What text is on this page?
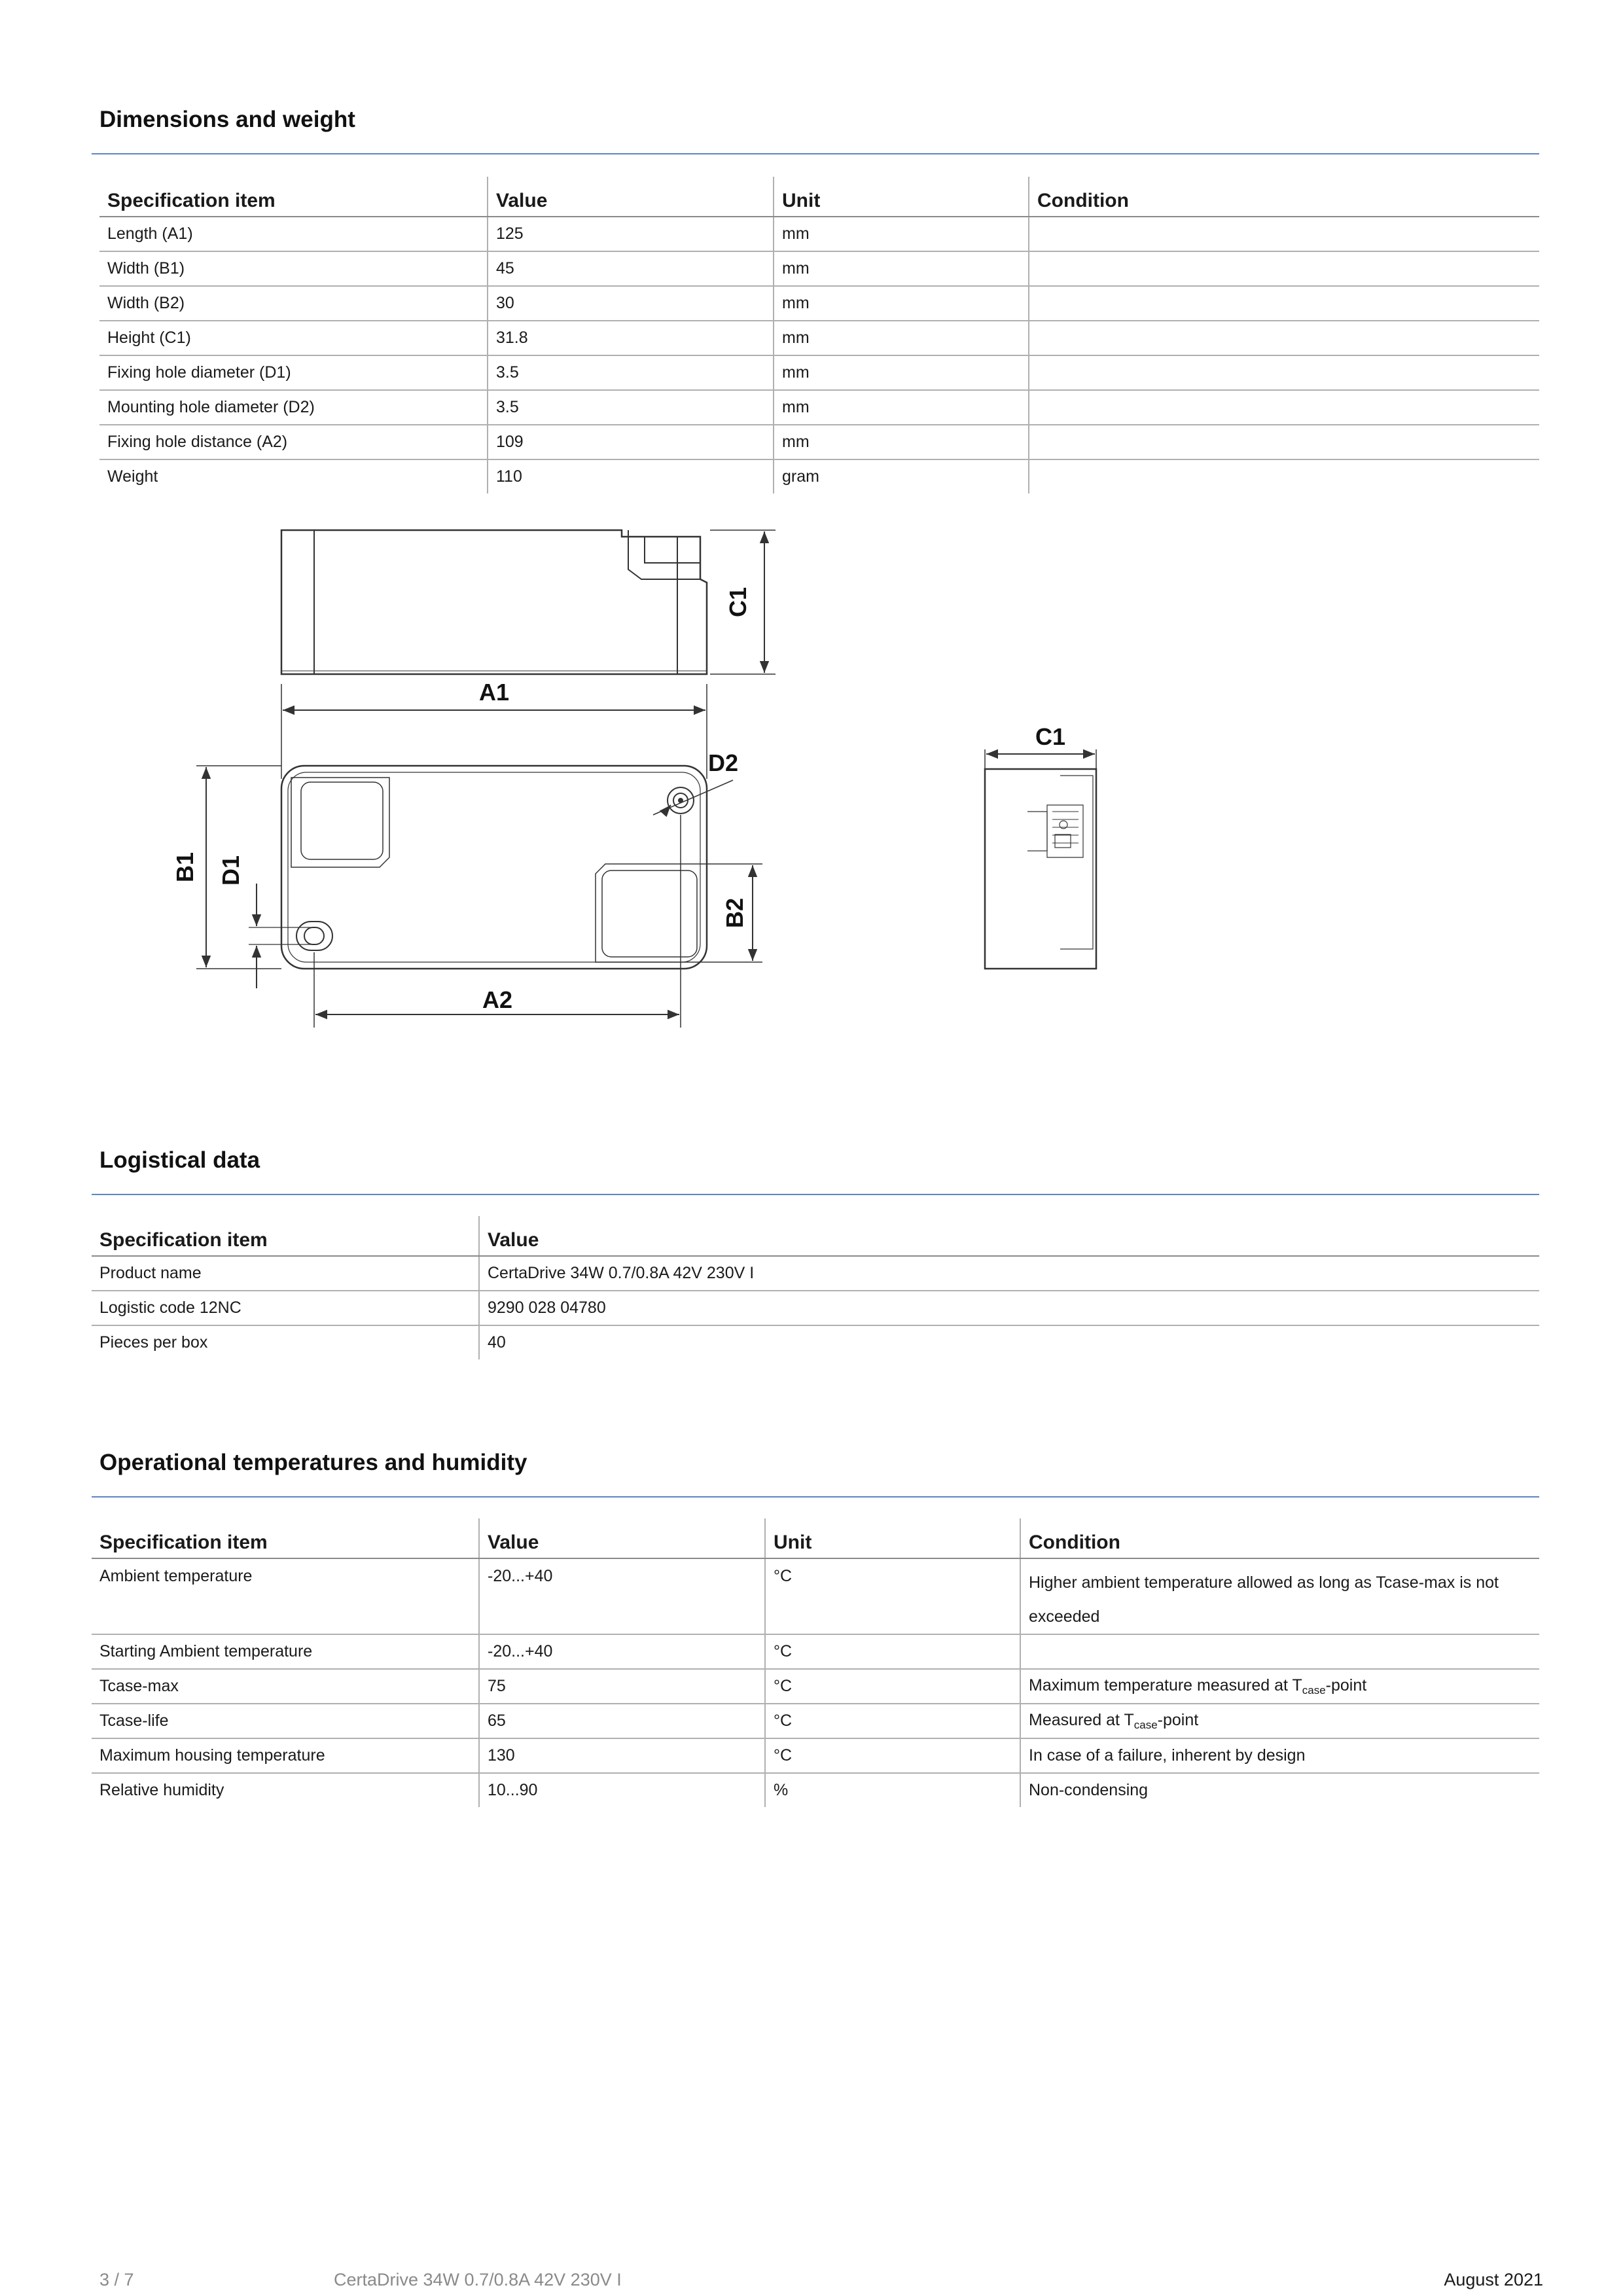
Dimensions and weight
Specification item	Value	Unit	Condition
Length (A1)	125	mm	
Width (B1)	45	mm	
Width (B2)	30	mm	
Height (C1)	31.8	mm	
Fixing hole diameter (D1)	3.5	mm	
Mounting hole diameter (D2)	3.5	mm	
Fixing hole distance (A2)	109	mm	
Weight	110	gram	
C1
A1
D2
B1 D1
B2
A2
C1
Logistical data
Specification item	Value
Product name	CertaDrive 34W 0.7/0.8A 42V 230V I
Logistic code 12NC	9290 028 04780
Pieces per box	40
Operational temperatures and humidity
Specification item	Value	Unit	Condition
Ambient temperature	-20...+40	°C	Higher ambient temperature allowed as long as Tcase-max is not exceeded
Starting Ambient temperature	-20...+40	°C	
Tcase-max	75	°C	Maximum temperature measured at $T_{case}$-point
Tcase-life	65	°C	Measured at $T_{case}$-point
Maximum housing temperature	130	°C	In case of a failure, inherent by design
Relative humidity	10...90	%	Non-condensing
3 / 7	CertaDrive 34W 0.7/0.8A 42V 230V I	August 2021
